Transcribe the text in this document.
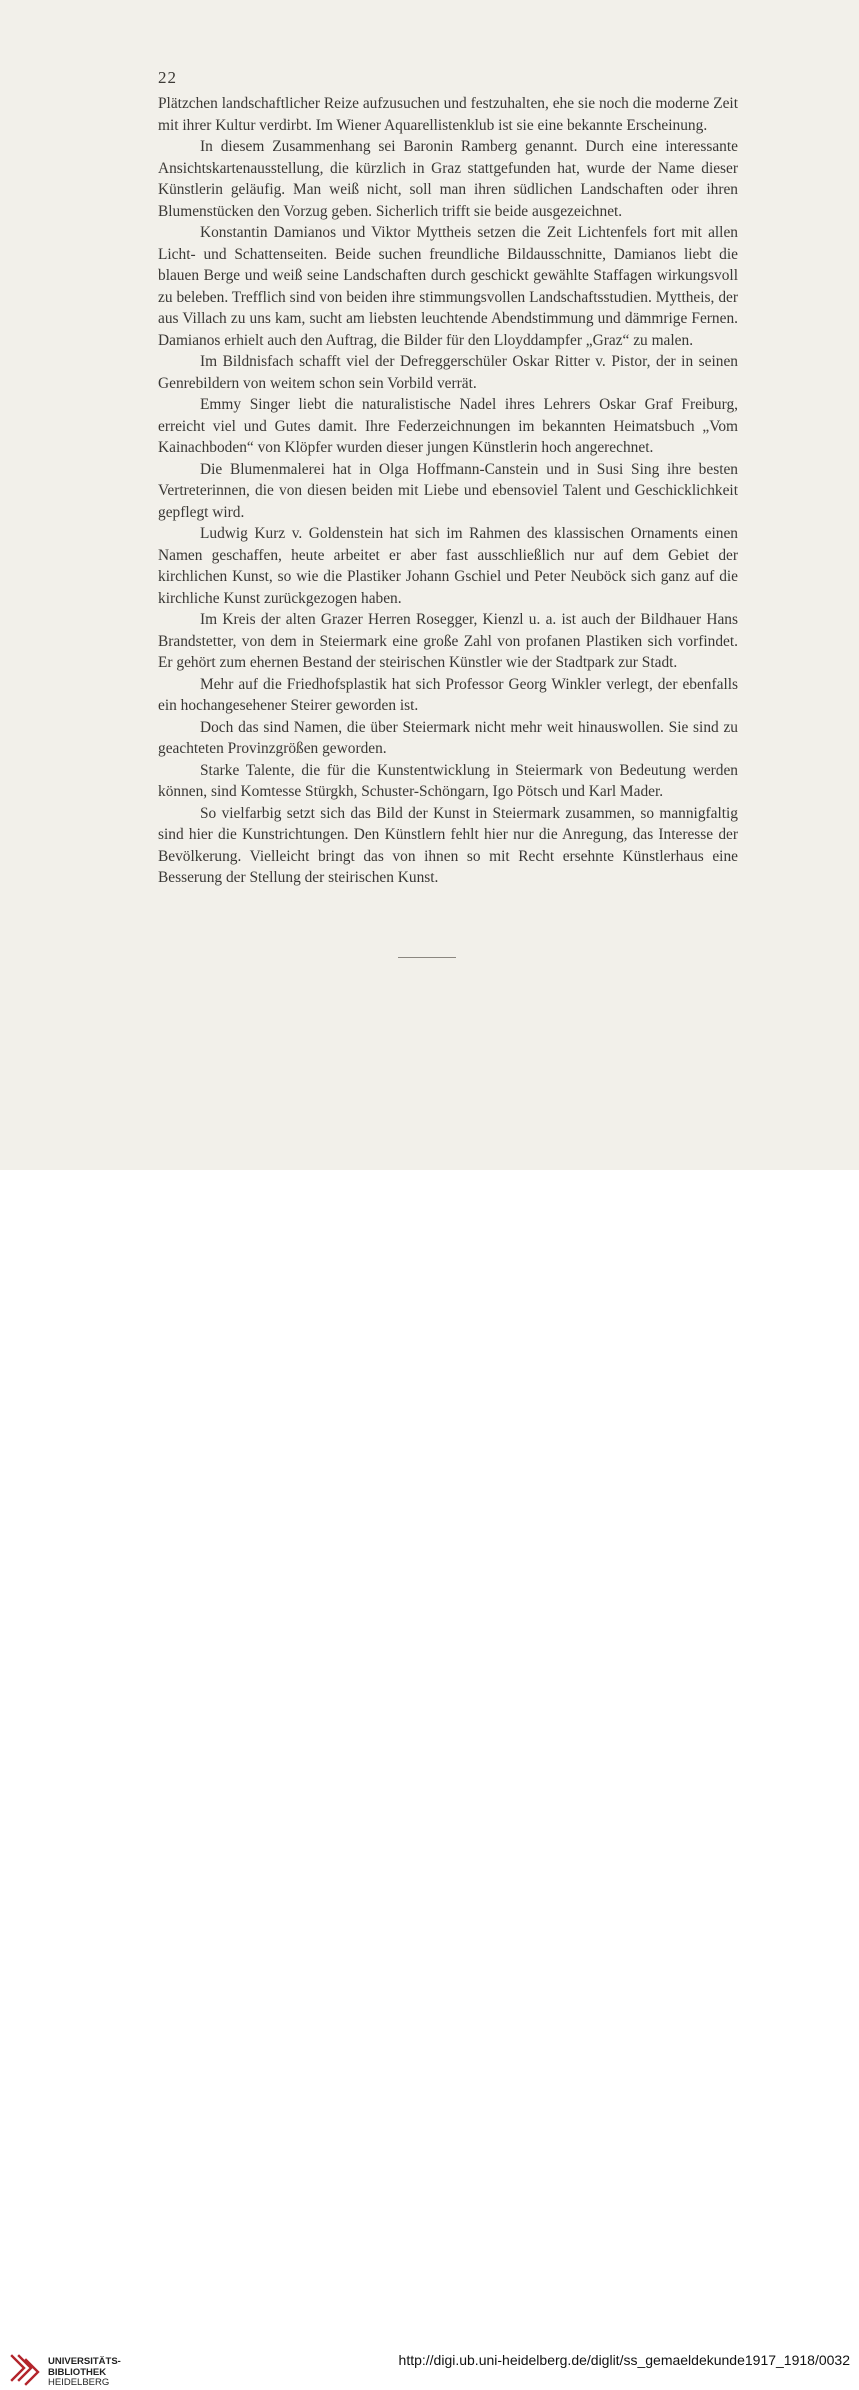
22

Plätzchen landschaftlicher Reize aufzusuchen und festzuhalten, ehe sie noch die moderne Zeit mit ihrer Kultur verdirbt. Im Wiener Aquarellistenklub ist sie eine bekannte Erscheinung.

In diesem Zusammenhang sei Baronin Ramberg genannt. Durch eine interessante Ansichtskartenausstellung, die kürzlich in Graz stattgefunden hat, wurde der Name dieser Künstlerin geläufig. Man weiß nicht, soll man ihren südlichen Landschaften oder ihren Blumenstücken den Vorzug geben. Sicherlich trifft sie beide ausgezeichnet.

Konstantin Damianos und Viktor Myttheis setzen die Zeit Lichtenfels fort mit allen Licht- und Schattenseiten. Beide suchen freundliche Bildausschnitte, Damianos liebt die blauen Berge und weiß seine Landschaften durch geschickt gewählte Staffagen wirkungsvoll zu beleben. Trefflich sind von beiden ihre stimmungsvollen Landschaftsstudien. Myttheis, der aus Villach zu uns kam, sucht am liebsten leuchtende Abendstimmung und dämmrige Fernen. Damianos erhielt auch den Auftrag, die Bilder für den Lloyddampfer „Graz“ zu malen.

Im Bildnisfach schafft viel der Defreggerschüler Oskar Ritter v. Pistor, der in seinen Genrebildern von weitem schon sein Vorbild verrät.

Emmy Singer liebt die naturalistische Nadel ihres Lehrers Oskar Graf Freiburg, erreicht viel und Gutes damit. Ihre Federzeichnungen im bekannten Heimatsbuch „Vom Kainachboden“ von Klöpfer wurden dieser jungen Künstlerin hoch angerechnet.

Die Blumenmalerei hat in Olga Hoffmann-Canstein und in Susi Sing ihre besten Vertreterinnen, die von diesen beiden mit Liebe und ebensoviel Talent und Geschicklichkeit gepflegt wird.

Ludwig Kurz v. Goldenstein hat sich im Rahmen des klassischen Ornaments einen Namen geschaffen, heute arbeitet er aber fast ausschließlich nur auf dem Gebiet der kirchlichen Kunst, so wie die Plastiker Johann Gschiel und Peter Neuböck sich ganz auf die kirchliche Kunst zurückgezogen haben.

Im Kreis der alten Grazer Herren Rosegger, Kienzl u. a. ist auch der Bildhauer Hans Brandstetter, von dem in Steiermark eine große Zahl von profanen Plastiken sich vorfindet. Er gehört zum ehernen Bestand der steirischen Künstler wie der Stadtpark zur Stadt.

Mehr auf die Friedhofsplastik hat sich Professor Georg Winkler verlegt, der ebenfalls ein hochangesehener Steirer geworden ist.

Doch das sind Namen, die über Steiermark nicht mehr weit hinauswollen. Sie sind zu geachteten Provinzgrößen geworden.

Starke Talente, die für die Kunstentwicklung in Steiermark von Bedeutung werden können, sind Komtesse Stürgkh, Schuster-Schöngarn, Igo Pötsch und Karl Mader.

So vielfarbig setzt sich das Bild der Kunst in Steiermark zusammen, so mannigfaltig sind hier die Kunstrichtungen. Den Künstlern fehlt hier nur die Anregung, das Interesse der Bevölkerung. Vielleicht bringt das von ihnen so mit Recht ersehnte Künstlerhaus eine Besserung der Stellung der steirischen Kunst.

UNIVERSITÄTS-
BIBLIOTHEK
HEIDELBERG
http://digi.ub.uni-heidelberg.de/diglit/ss_gemaeldekunde1917_1918/0032
